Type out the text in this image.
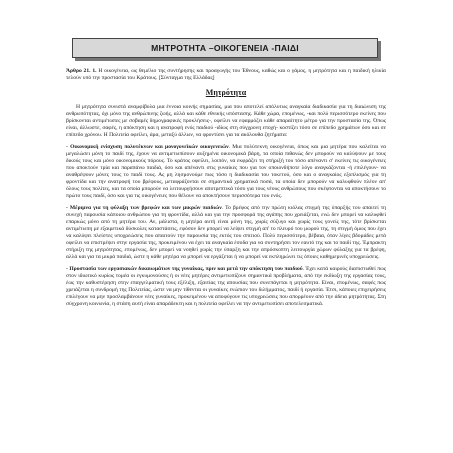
ΜΗΤΡΟΤΗΤΑ –ΟΙΚΟΓΕΝΕΙΑ -ΠΑΙΔΙ

Άρθρο 21. 1. Η οικογένεια, ως θεμέλιο της συντήρησης και προαγωγής του Έθνους, καθώς και ο γάμος, η μητρότητα και η παιδική ηλικία τελούν υπό την προστασία του Κράτους. [Σύνταγμα της Ελλάδας]

Μητρότητα

Η μητρότητα συνιστά αναμφίβολα μια έννοια κοινής σημασίας, μια που αποτελεί απόλυτως αναγκαία διαδικασία για τη διαιώνιση της ανθρωπότητας, όχι μόνο της ανθρώπινης ζωής, αλλά και κάθε εθνικής υπόστασης. Κάθε χώρα, επομένως, -και πολύ περισσότερο εκείνες που βρίσκονται αντιμέτωπες με σοβαρές δημογραφικές προκλήσεις-, οφείλει να εφαρμόζει κάθε απαραίτητο μέτρο για την προστασία της. Όπως είναι, άλλωστε, σαφές, η απόκτηση και η ανατροφή ενός παιδιού -ιδίως στη σύγχρονη εποχή- κοστίζει τόσο σε επίπεδο χρημάτων όσο και σε επίπεδο χρόνου. Η Πολιτεία οφείλει, άρα, μεταξύ άλλων, να φροντίσει για τα ακόλουθα ζητήματα:

- Οικονομική ενίσχυση πολυτέκνων και μονογονεϊκών οικογενειών. Μια πολύτεκνη οικογένεια, όπως και μια μητέρα που καλείται να μεγαλώσει μόνη το παιδί της, έχουν να αντιμετωπίσουν αυξημένα οικονομικά βάρη, τα οποία πιθανώς δεν μπορούν να καλύψουν με τους δικούς τους και μόνο οικονομικούς πόρους. Το κράτος οφείλει, λοιπόν, να εκφράζει τη στήριξή του τόσο απέναντι σ' εκείνες τις οικογένειες που αποκτούν τρία και παραπάνω παιδιά, όσο και απέναντι στις γυναίκες που για τον οποιονδήποτε λόγο αναγκάζονται -ή επιλέγουν- να αναθρέψουν μόνες τους το παιδί τους. Ας μη λησμονούμε πως τόσο η διαδικασία του τοκετού, όσο και ο αναγκαίος εξοπλισμός για τη φροντίδα και την ανατροφή του βρέφους, μεταφράζονται σε σημαντικά χρηματικά ποσά, τα οποία δεν μπορούν να καλυφθούν πλέον απ' όλους τους πολίτες, και τα οποία μπορούν να λειτουργήσουν αποτρεπτικά τόσο για τους νέους ανθρώπους που σκέφτονται να αποκτήσουν το πρώτο τους παιδί, όσο και για τις οικογένειες που θέλουν να αποκτήσουν περισσότερα του ενός.

- Μέριμνα για τη φύλαξη των βρεφών και των μικρών παιδιών. Το βρέφος από την πρώτη κιόλας στιγμή της ύπαρξής του απαιτεί τη συνεχή παρουσία κάποιου ανθρώπου για τη φροντίδα, αλλά και για την προσφορά της αγάπης που χρειάζεται, ενώ δεν μπορεί να καλυφθεί επαρκώς μόνο από τη μητέρα του. Αν, μάλιστα, η μητέρα αυτή είναι μόνη της, χωρίς σύζυγο και χωρίς τους γονείς της, τότε βρίσκεται αντιμέτωπη με εξαιρετικά δύσκολες καταστάσεις, εφόσον δεν μπορεί να λείψει στιγμή απ' το πλευρό του μωρού της, τη στιγμή όμως που έχει να καλύψει πλείστες υποχρεώσεις που απαιτούν την παρουσία της εκτός του σπιτιού. Πολύ περισσότερο, βέβαια, όταν λίγες βδομάδες μετά οφείλει να επιστρέψει στην εργασία της, προκειμένου να έχει τα αναγκαία έσοδα για να συντηρήσει τον εαυτό της και το παιδί της. Έμπρακτη στήριξη της μητρότητας, επομένως, δεν μπορεί να νοηθεί χωρίς την ύπαρξη και την απρόσκοπτη λειτουργία χώρων φύλαξης για τα βρέφη, αλλά και για τα μικρά παιδιά, ώστε η κάθε μητέρα να μπορεί να εργάζεται ή να μπορεί να εκπληρώνει τις όποιες καθημερινές υποχρεώσεις.

- Προστασία των εργασιακών δικαιωμάτων της γυναίκας, πριν και μετά την απόκτηση του παιδιού. Έχει κατά καιρούς διαπιστωθεί πως στον ιδιωτικό κυρίως τομέα οι εγκυμονούσες ή οι νέες μητέρες αντιμετωπίζουν σημαντικά προβλήματα, από την εκδίωξη της εργασίας τους, έως την καθυστέρηση στην επαγγελματική τους εξέλιξη, εξαιτίας της απουσίας που συνεπάγεται η μητρότητα. Είναι, επομένως, σαφές πως χρειάζεται η συνδρομή της Πολιτείας, ώστε να μην τίθενται οι γυναίκες ενώπιον του διλήμματος, παιδί ή εργασία. Έτσι, κάποιες επιχειρήσεις επιλέγουν να μην προσλαμβάνουν νέες γυναίκες, προκειμένου να αποφύγουν τις υποχρεώσεις που απορρέουν από την άδεια μητρότητας. Στη σύγχρονη κοινωνία, η στάση αυτή είναι απαράδεκτη και η πολιτεία οφείλει να την αντιμετωπίσει αποτελεσματικά.
